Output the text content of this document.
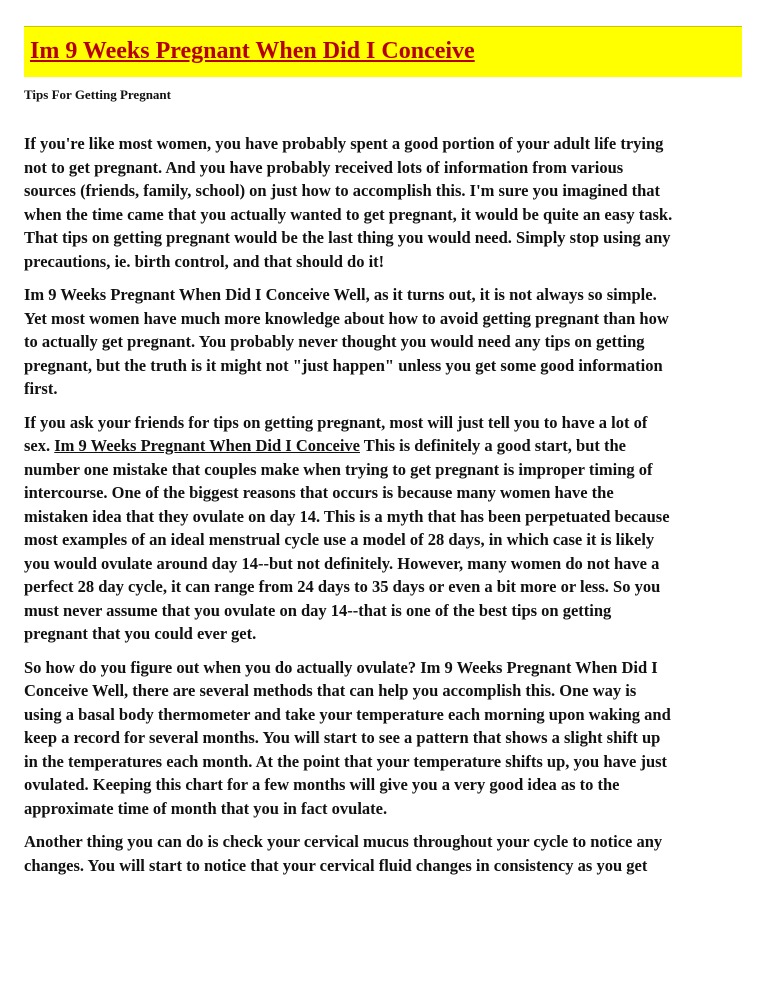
Im 9 Weeks Pregnant When Did I Conceive
Tips For Getting Pregnant
If you're like most women, you have probably spent a good portion of your adult life trying
not to get pregnant. And you have probably received lots of information from various
sources (friends, family, school) on just how to accomplish this. I'm sure you imagined that
when the time came that you actually wanted to get pregnant, it would be quite an easy task.
That tips on getting pregnant would be the last thing you would need. Simply stop using any
precautions, ie. birth control, and that should do it!
Im 9 Weeks Pregnant When Did I Conceive Well, as it turns out, it is not always so simple.
Yet most women have much more knowledge about how to avoid getting pregnant than how
to actually get pregnant. You probably never thought you would need any tips on getting
pregnant, but the truth is it might not "just happen" unless you get some good information
first.
If you ask your friends for tips on getting pregnant, most will just tell you to have a lot of
sex. Im 9 Weeks Pregnant When Did I Conceive This is definitely a good start, but the
number one mistake that couples make when trying to get pregnant is improper timing of
intercourse. One of the biggest reasons that occurs is because many women have the
mistaken idea that they ovulate on day 14. This is a myth that has been perpetuated because
most examples of an ideal menstrual cycle use a model of 28 days, in which case it is likely
you would ovulate around day 14--but not definitely. However, many women do not have a
perfect 28 day cycle, it can range from 24 days to 35 days or even a bit more or less. So you
must never assume that you ovulate on day 14--that is one of the best tips on getting
pregnant that you could ever get.
So how do you figure out when you do actually ovulate? Im 9 Weeks Pregnant When Did I
Conceive Well, there are several methods that can help you accomplish this. One way is
using a basal body thermometer and take your temperature each morning upon waking and
keep a record for several months. You will start to see a pattern that shows a slight shift up
in the temperatures each month. At the point that your temperature shifts up, you have just
ovulated. Keeping this chart for a few months will give you a very good idea as to the
approximate time of month that you in fact ovulate.
Another thing you can do is check your cervical mucus throughout your cycle to notice any
changes. You will start to notice that your cervical fluid changes in consistency as you get
